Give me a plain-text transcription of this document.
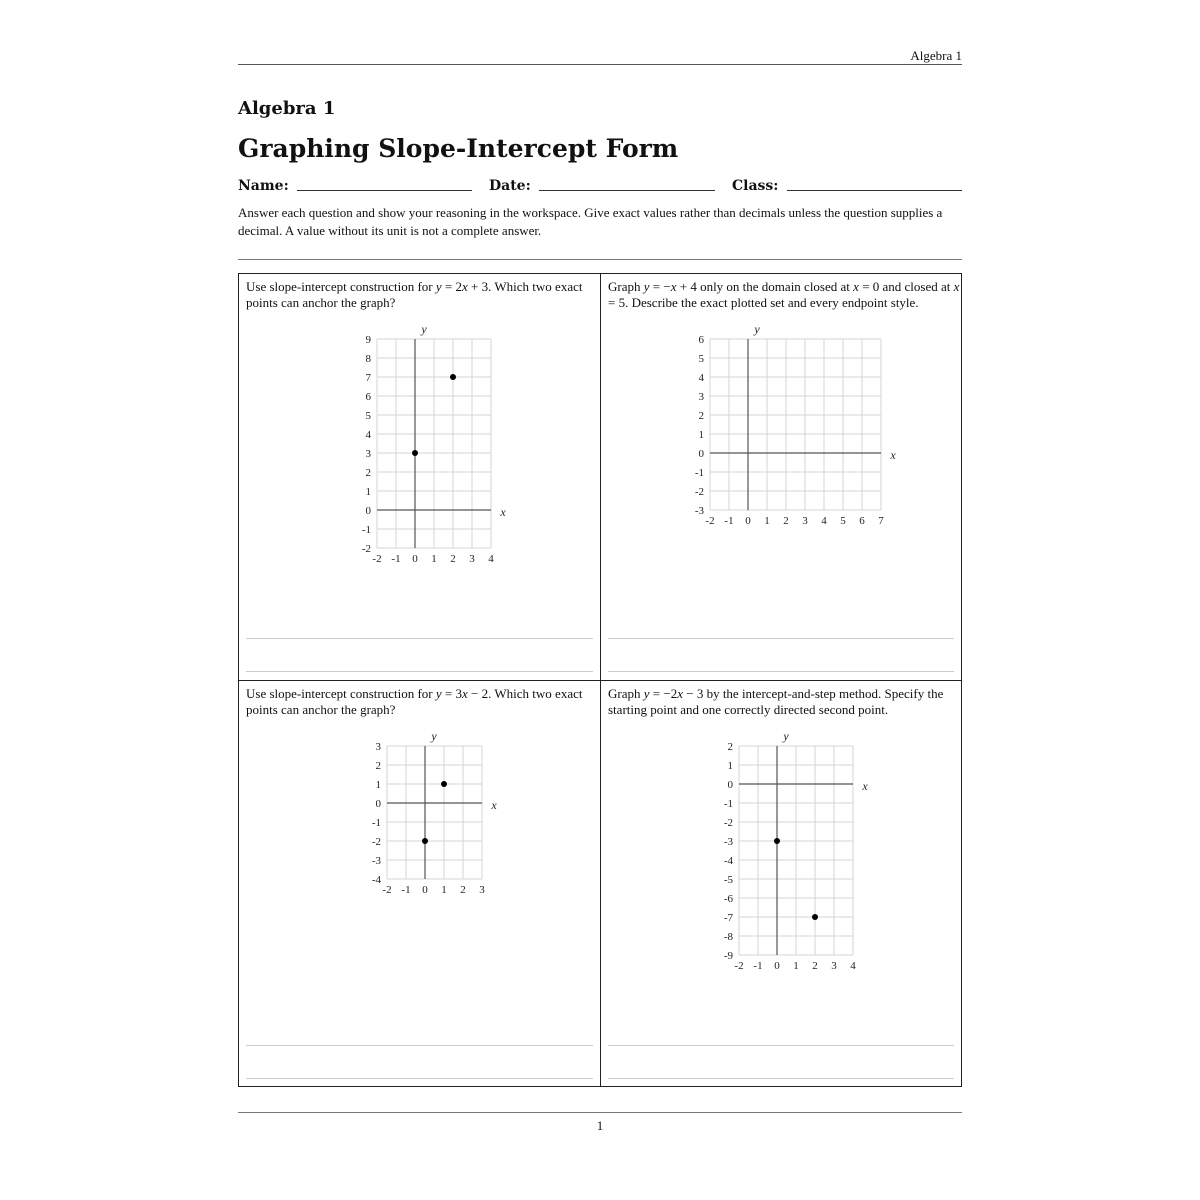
Algebra 1
Algebra 1
Graphing Slope-Intercept Form
Name:	Date:	Class:
Answer each question and show your reasoning in the workspace. Give exact values rather than decimals unless the question supplies a decimal. A value without its unit is not a complete answer.
Use slope-intercept construction for y = 2x + 3. Which two exact points can anchor the graph?
-2 -1 0 1 2 3 4
-2
-1
0
1
2
3
4
5
6
7
8
9
x
y
Graph y = −x + 4 only on the domain closed at x = 0 and closed at x = 5. Describe the exact plotted set and every endpoint style.
-2 -1 0 1 2 3 4 5 6 7
-3
-2
-1
0
1
2
3
4
5
6
x
y
Use slope-intercept construction for y = 3x − 2. Which two exact points can anchor the graph?
-2 -1 0 1 2 3
-4
-3
-2
-1
0
1
2
3
x
y
Graph y = −2x − 3 by the intercept-and-step method. Specify the starting point and one correctly directed second point.
-2 -1 0 1 2 3 4
-9
-8
-7
-6
-5
-4
-3
-2
-1
0
1
2
x
y
1
